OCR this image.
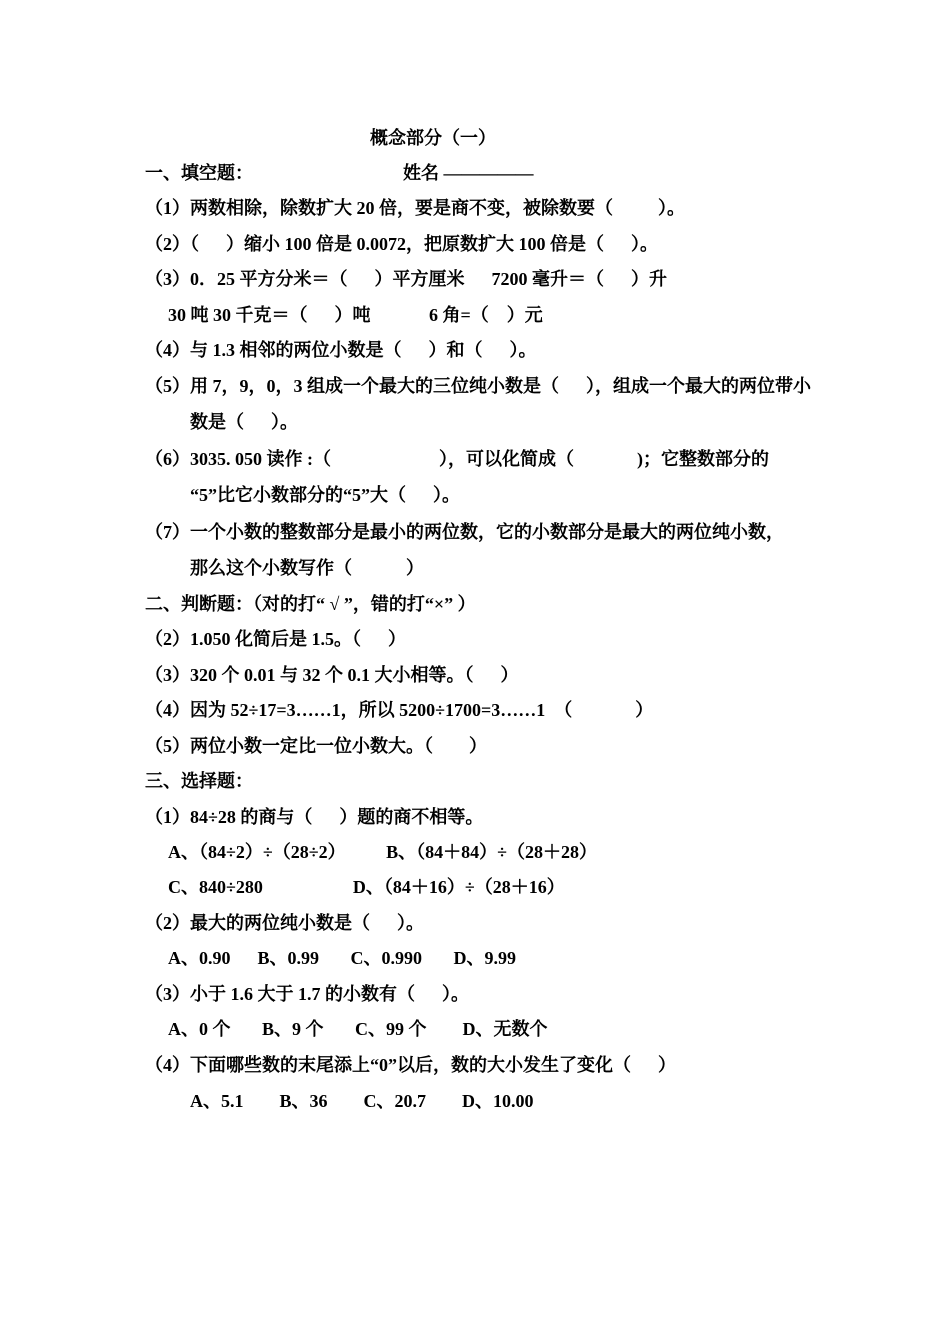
概念部分（一）
一、填空题：	姓名 —————
（1）两数相除，除数扩大 20 倍，要是商不变，被除数要（          ）。
（2）（      ）缩小 100 倍是 0.0072，把原数扩大 100 倍是（      ）。
（3）0．25 平方分米＝（      ）平方厘米      7200 毫升＝（      ）升
30 吨 30 千克＝（      ）吨             6 角=（    ）元
（4）与 1.3 相邻的两位小数是（      ）和（      ）。
（5）用 7，9，0，3 组成一个最大的三位纯小数是（      ），组成一个最大的两位带小
数是（      ）。
（6）3035. 050 读作 :（                        ），可以化简成（              )；它整数部分的
“5”比它小数部分的“5”大（      ）。
（7）一个小数的整数部分是最小的两位数，它的小数部分是最大的两位纯小数，
那么这个小数写作（            ）
二、判断题：（对的打“ √ ”，错的打“×” ）
（2）1.050 化简后是 1.5。（      ）
（3）320 个 0.01 与 32 个 0.1 大小相等。（      ）
（4）因为 52÷17=3……1，所以 5200÷1700=3……1  （              ）
（5）两位小数一定比一位小数大。（        ）
三、选择题：
（1）84÷28 的商与（      ）题的商不相等。
A、（84÷2）÷（28÷2）         B、（84＋84）÷（28＋28）
C、840÷280                    D、（84＋16）÷（28＋16）
（2）最大的两位纯小数是（      ）。
A、0.90      B、0.99       C、0.990       D、9.99
（3）小于 1.6 大于 1.7 的小数有（      ）。
A、0 个       B、9 个       C、99 个        D、无数个
（4）下面哪些数的末尾添上“0”以后，数的大小发生了变化（      ）
A、5.1        B、36        C、20.7        D、10.00
